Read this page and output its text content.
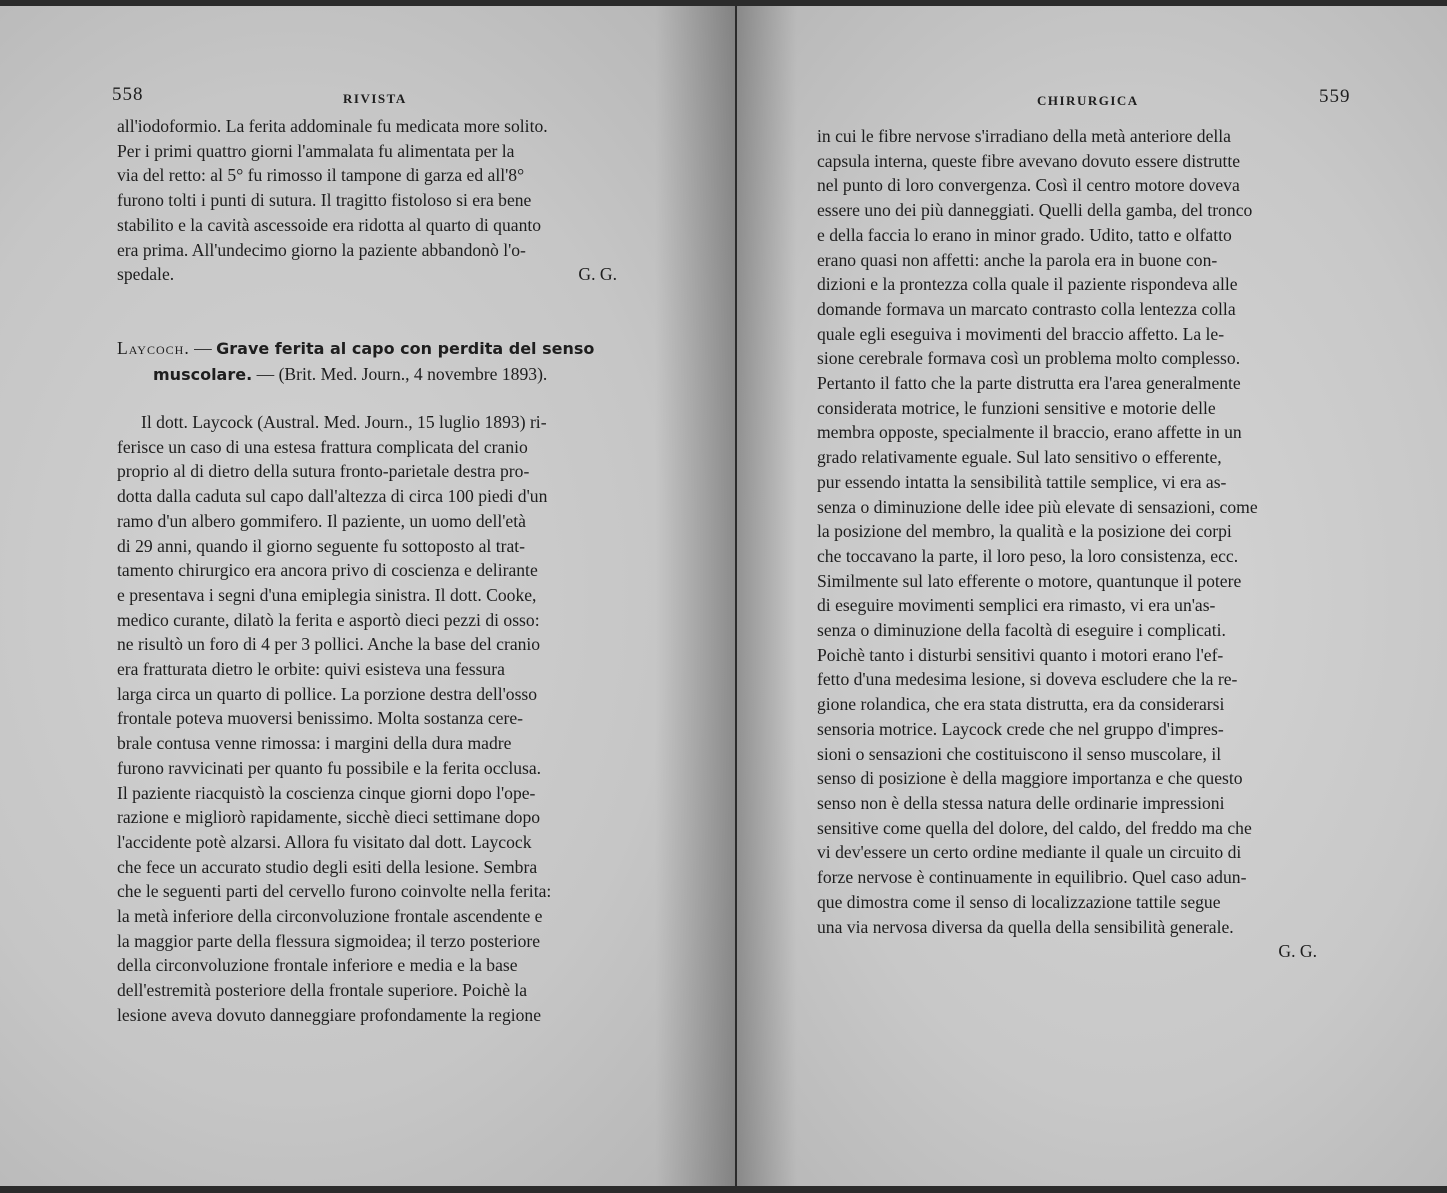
558	RIVISTA

all'iodoformio. La ferita addominale fu medicata more solito.

Per i primi quattro giorni l'ammalata fu alimentata per la

via del retto: al 5° fu rimosso il tampone di garza ed all'8°

furono tolti i punti di sutura. Il tragitto fistoloso si era bene

stabilito e la cavità ascessoide era ridotta al quarto di quanto

era prima. All'undecimo giorno la paziente abbandonò l'o-

spedale.	G. G.

Laycoch. — Grave ferita al capo con perdita del senso
muscolare. — (Brit. Med. Journ., 4 novembre 1893).

Il dott. Laycock (Austral. Med. Journ., 15 luglio 1893) ri-

ferisce un caso di una estesa frattura complicata del cranio

proprio al di dietro della sutura fronto-parietale destra pro-

dotta dalla caduta sul capo dall'altezza di circa 100 piedi d'un

ramo d'un albero gommifero. Il paziente, un uomo dell'età

di 29 anni, quando il giorno seguente fu sottoposto al trat-

tamento chirurgico era ancora privo di coscienza e delirante

e presentava i segni d'una emiplegia sinistra. Il dott. Cooke,

medico curante, dilatò la ferita e asportò dieci pezzi di osso:

ne risultò un foro di 4 per 3 pollici. Anche la base del cranio

era fratturata dietro le orbite: quivi esisteva una fessura

larga circa un quarto di pollice. La porzione destra dell'osso

frontale poteva muoversi benissimo. Molta sostanza cere-

brale contusa venne rimossa: i margini della dura madre

furono ravvicinati per quanto fu possibile e la ferita occlusa.

Il paziente riacquistò la coscienza cinque giorni dopo l'ope-

razione e migliorò rapidamente, sicchè dieci settimane dopo

l'accidente potè alzarsi. Allora fu visitato dal dott. Laycock

che fece un accurato studio degli esiti della lesione. Sembra

che le seguenti parti del cervello furono coinvolte nella ferita:

la metà inferiore della circonvoluzione frontale ascendente e

la maggior parte della flessura sigmoidea; il terzo posteriore

della circonvoluzione frontale inferiore e media e la base

dell'estremità posteriore della frontale superiore. Poichè la

lesione aveva dovuto danneggiare profondamente la regione

CHIRURGICA	559

in cui le fibre nervose s'irradiano della metà anteriore della

capsula interna, queste fibre avevano dovuto essere distrutte

nel punto di loro convergenza. Così il centro motore doveva

essere uno dei più danneggiati. Quelli della gamba, del tronco

e della faccia lo erano in minor grado. Udito, tatto e olfatto

erano quasi non affetti: anche la parola era in buone con-

dizioni e la prontezza colla quale il paziente rispondeva alle

domande formava un marcato contrasto colla lentezza colla

quale egli eseguiva i movimenti del braccio affetto. La le-

sione cerebrale formava così un problema molto complesso.

Pertanto il fatto che la parte distrutta era l'area generalmente

considerata motrice, le funzioni sensitive e motorie delle

membra opposte, specialmente il braccio, erano affette in un

grado relativamente eguale. Sul lato sensitivo o efferente,

pur essendo intatta la sensibilità tattile semplice, vi era as-

senza o diminuzione delle idee più elevate di sensazioni, come

la posizione del membro, la qualità e la posizione dei corpi

che toccavano la parte, il loro peso, la loro consistenza, ecc.

Similmente sul lato efferente o motore, quantunque il potere

di eseguire movimenti semplici era rimasto, vi era un'as-

senza o diminuzione della facoltà di eseguire i complicati.

Poichè tanto i disturbi sensitivi quanto i motori erano l'ef-

fetto d'una medesima lesione, si doveva escludere che la re-

gione rolandica, che era stata distrutta, era da considerarsi

sensoria motrice. Laycock crede che nel gruppo d'impres-

sioni o sensazioni che costituiscono il senso muscolare, il

senso di posizione è della maggiore importanza e che questo

senso non è della stessa natura delle ordinarie impressioni

sensitive come quella del dolore, del caldo, del freddo ma che

vi dev'essere un certo ordine mediante il quale un circuito di

forze nervose è continuamente in equilibrio. Quel caso adun-

que dimostra come il senso di localizzazione tattile segue

una via nervosa diversa da quella della sensibilità generale.

G. G.
